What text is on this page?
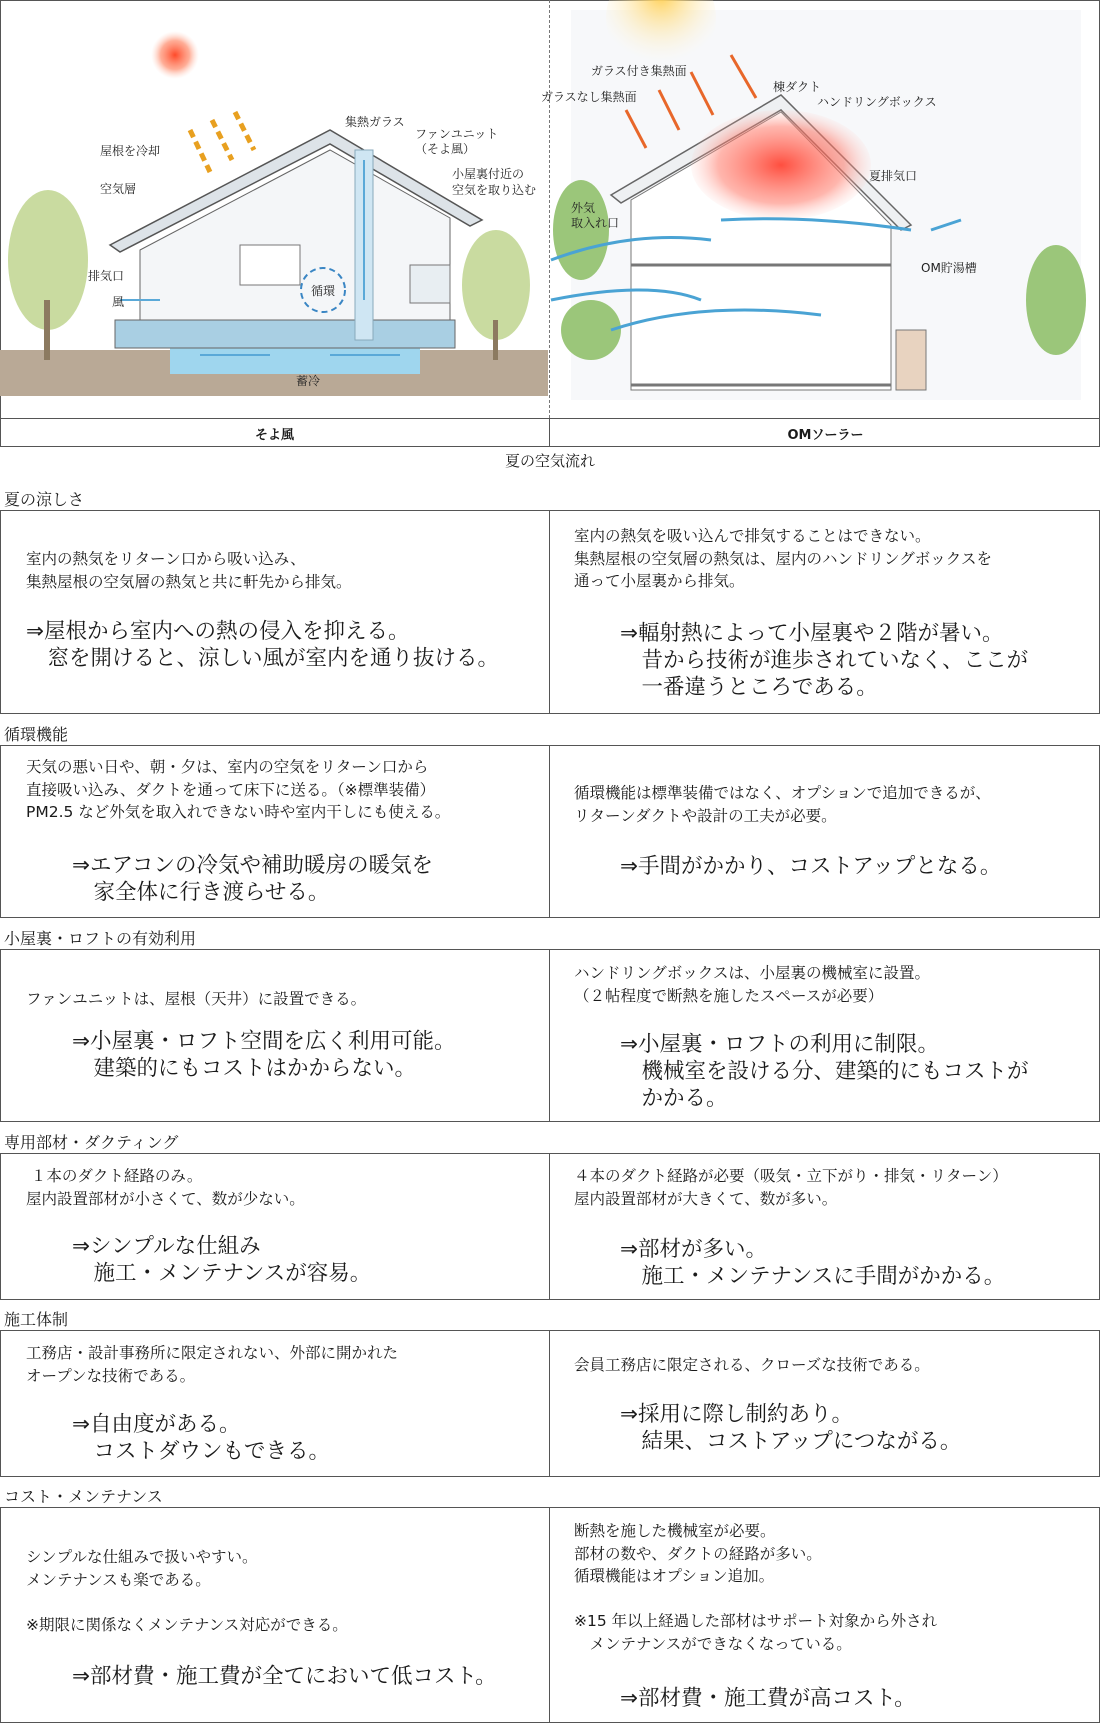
そよ風	OMソーラー
屋根を冷却
空気層
排気口
風
集熱ガラス
ファンユニット
（そよ風）
小屋裏付近の
空気を取り込む
循環
蓄冷
ガラス付き集熱面
ガラスなし集熱面
棟ダクト
ハンドリングボックス
夏排気口
外気
取入れ口
OM貯湯槽
夏の空気流れ
夏の涼しさ
室内の熱気をリターン口から吸い込み、
集熱屋根の空気層の熱気と共に軒先から排気。
⇒屋根から室内への熱の侵入を抑える。
　窓を開けると、涼しい風が室内を通り抜ける。
室内の熱気を吸い込んで排気することはできない。
集熱屋根の空気層の熱気は、屋内のハンドリングボックスを
通って小屋裏から排気。
⇒輻射熱によって小屋裏や２階が暑い。
　昔から技術が進歩されていなく、ここが
　一番違うところである。
循環機能
天気の悪い日や、朝・夕は、室内の空気をリターン口から
直接吸い込み、ダクトを通って床下に送る。（※標準装備）
PM2.5 など外気を取入れできない時や室内干しにも使える。
⇒エアコンの冷気や補助暖房の暖気を
　家全体に行き渡らせる。
循環機能は標準装備ではなく、オプションで追加できるが、
リターンダクトや設計の工夫が必要。
⇒手間がかかり、コストアップとなる。
小屋裏・ロフトの有効利用
ファンユニットは、屋根（天井）に設置できる。
⇒小屋裏・ロフト空間を広く利用可能。
　建築的にもコストはかからない。
ハンドリングボックスは、小屋裏の機械室に設置。
（２帖程度で断熱を施したスペースが必要）
⇒小屋裏・ロフトの利用に制限。
　機械室を設ける分、建築的にもコストが
　かかる。
専用部材・ダクティング
１本のダクト経路のみ。
屋内設置部材が小さくて、数が少ない。
⇒シンプルな仕組み
　施工・メンテナンスが容易。
４本のダクト経路が必要（吸気・立下がり・排気・リターン）
屋内設置部材が大きくて、数が多い。
⇒部材が多い。
　施工・メンテナンスに手間がかかる。
施工体制
工務店・設計事務所に限定されない、外部に開かれた
オープンな技術である。
⇒自由度がある。
　コストダウンもできる。
会員工務店に限定される、クローズな技術である。
⇒採用に際し制約あり。
　結果、コストアップにつながる。
コスト・メンテナンス
シンプルな仕組みで扱いやすい。
メンテナンスも楽である。

※期限に関係なくメンテナンス対応ができる。
⇒部材費・施工費が全てにおいて低コスト。
断熱を施した機械室が必要。
部材の数や、ダクトの経路が多い。
循環機能はオプション追加。

※15 年以上経過した部材はサポート対象から外され
　メンテナンスができなくなっている。
⇒部材費・施工費が高コスト。
